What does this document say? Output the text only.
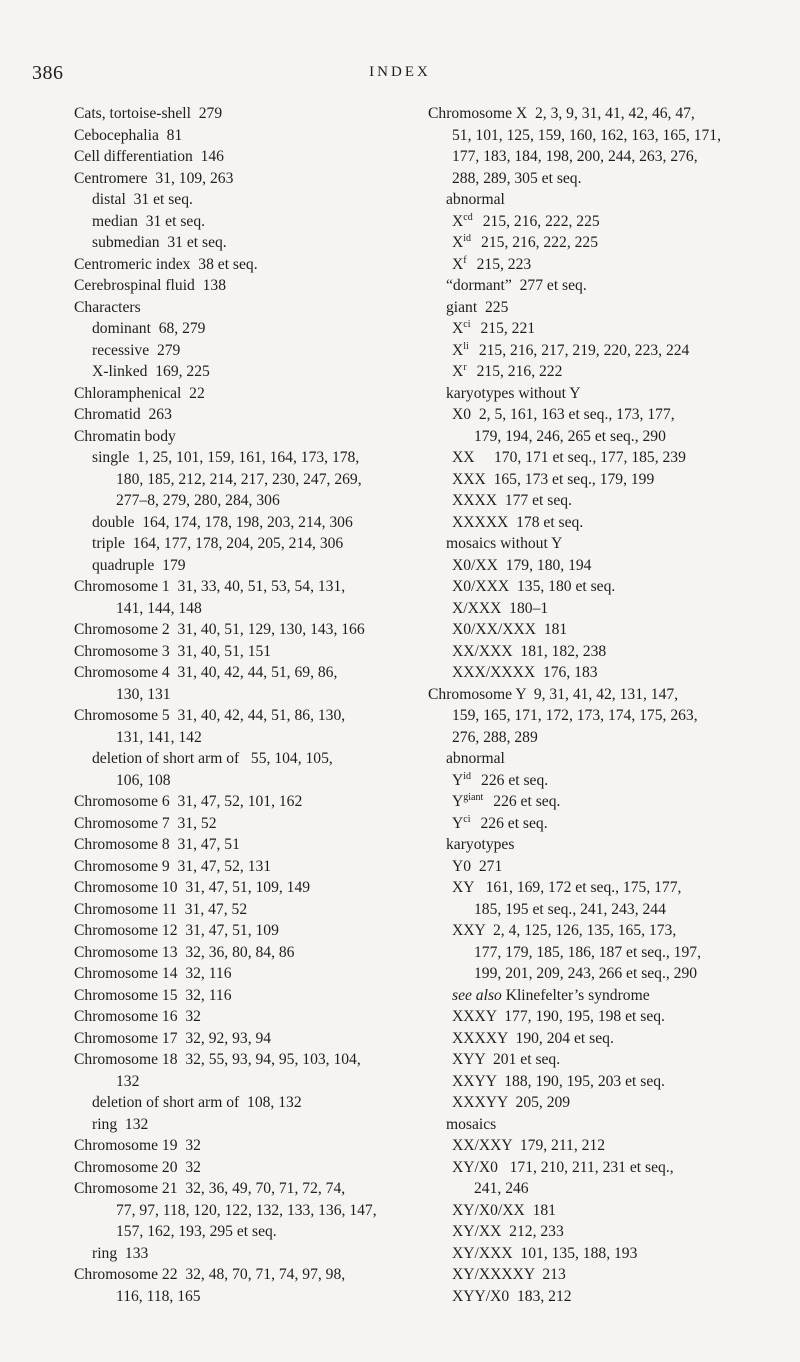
386	INDEX
Cats, tortoise-shell  279
Cebocephalia  81
Cell differentiation  146
Centromere  31, 109, 263
distal  31 et seq.
median  31 et seq.
submedian  31 et seq.
Centromeric index  38 et seq.
Cerebrospinal fluid  138
Characters
dominant  68, 279
recessive  279
X-linked  169, 225
Chloramphenical  22
Chromatid  263
Chromatin body
single  1, 25, 101, 159, 161, 164, 173, 178,
180, 185, 212, 214, 217, 230, 247, 269,
277–8, 279, 280, 284, 306
double  164, 174, 178, 198, 203, 214, 306
triple  164, 177, 178, 204, 205, 214, 306
quadruple  179
Chromosome 1  31, 33, 40, 51, 53, 54, 131,
141, 144, 148
Chromosome 2  31, 40, 51, 129, 130, 143, 166
Chromosome 3  31, 40, 51, 151
Chromosome 4  31, 40, 42, 44, 51, 69, 86,
130, 131
Chromosome 5  31, 40, 42, 44, 51, 86, 130,
131, 141, 142
deletion of short arm of   55, 104, 105,
106, 108
Chromosome 6  31, 47, 52, 101, 162
Chromosome 7  31, 52
Chromosome 8  31, 47, 51
Chromosome 9  31, 47, 52, 131
Chromosome 10  31, 47, 51, 109, 149
Chromosome 11  31, 47, 52
Chromosome 12  31, 47, 51, 109
Chromosome 13  32, 36, 80, 84, 86
Chromosome 14  32, 116
Chromosome 15  32, 116
Chromosome 16  32
Chromosome 17  32, 92, 93, 94
Chromosome 18  32, 55, 93, 94, 95, 103, 104,
132
deletion of short arm of  108, 132
ring  132
Chromosome 19  32
Chromosome 20  32
Chromosome 21  32, 36, 49, 70, 71, 72, 74,
77, 97, 118, 120, 122, 132, 133, 136, 147,
157, 162, 193, 295 et seq.
ring  133
Chromosome 22  32, 48, 70, 71, 74, 97, 98,
116, 118, 165
Chromosome X  2, 3, 9, 31, 41, 42, 46, 47,
51, 101, 125, 159, 160, 162, 163, 165, 171,
177, 183, 184, 198, 200, 244, 263, 276,
288, 289, 305 et seq.
abnormal
$X^{cd}$ 215, 216, 222, 225
$X^{id}$ 215, 216, 222, 225
$X^f$ 215, 223
“dormant”  277 et seq.
giant  225
$X^{ci}$ 215, 221
$X^{li}$ 215, 216, 217, 219, 220, 223, 224
$X^r$ 215, 216, 222
karyotypes without Y
X0  2, 5, 161, 163 et seq., 173, 177,
179, 194, 246, 265 et seq., 290
XX     170, 171 et seq., 177, 185, 239
XXX  165, 173 et seq., 179, 199
XXXX  177 et seq.
XXXXX  178 et seq.
mosaics without Y
X0/XX  179, 180, 194
X0/XXX  135, 180 et seq.
X/XXX  180–1
X0/XX/XXX  181
XX/XXX  181, 182, 238
XXX/XXXX  176, 183
Chromosome Y  9, 31, 41, 42, 131, 147,
159, 165, 171, 172, 173, 174, 175, 263,
276, 288, 289
abnormal
$Y^{id}$ 226 et seq.
$Y^{giant}$ 226 et seq.
$Y^{ci}$ 226 et seq.
karyotypes
Y0  271
XY   161, 169, 172 et seq., 175, 177,
185, 195 et seq., 241, 243, 244
XXY  2, 4, 125, 126, 135, 165, 173,
177, 179, 185, 186, 187 et seq., 197,
199, 201, 209, 243, 266 et seq., 290
see also Klinefelter’s syndrome
XXXY  177, 190, 195, 198 et seq.
XXXXY  190, 204 et seq.
XYY  201 et seq.
XXYY  188, 190, 195, 203 et seq.
XXXYY  205, 209
mosaics
XX/XXY  179, 211, 212
XY/X0   171, 210, 211, 231 et seq.,
241, 246
XY/X0/XX  181
XY/XX  212, 233
XY/XXX  101, 135, 188, 193
XY/XXXXY  213
XYY/X0  183, 212
